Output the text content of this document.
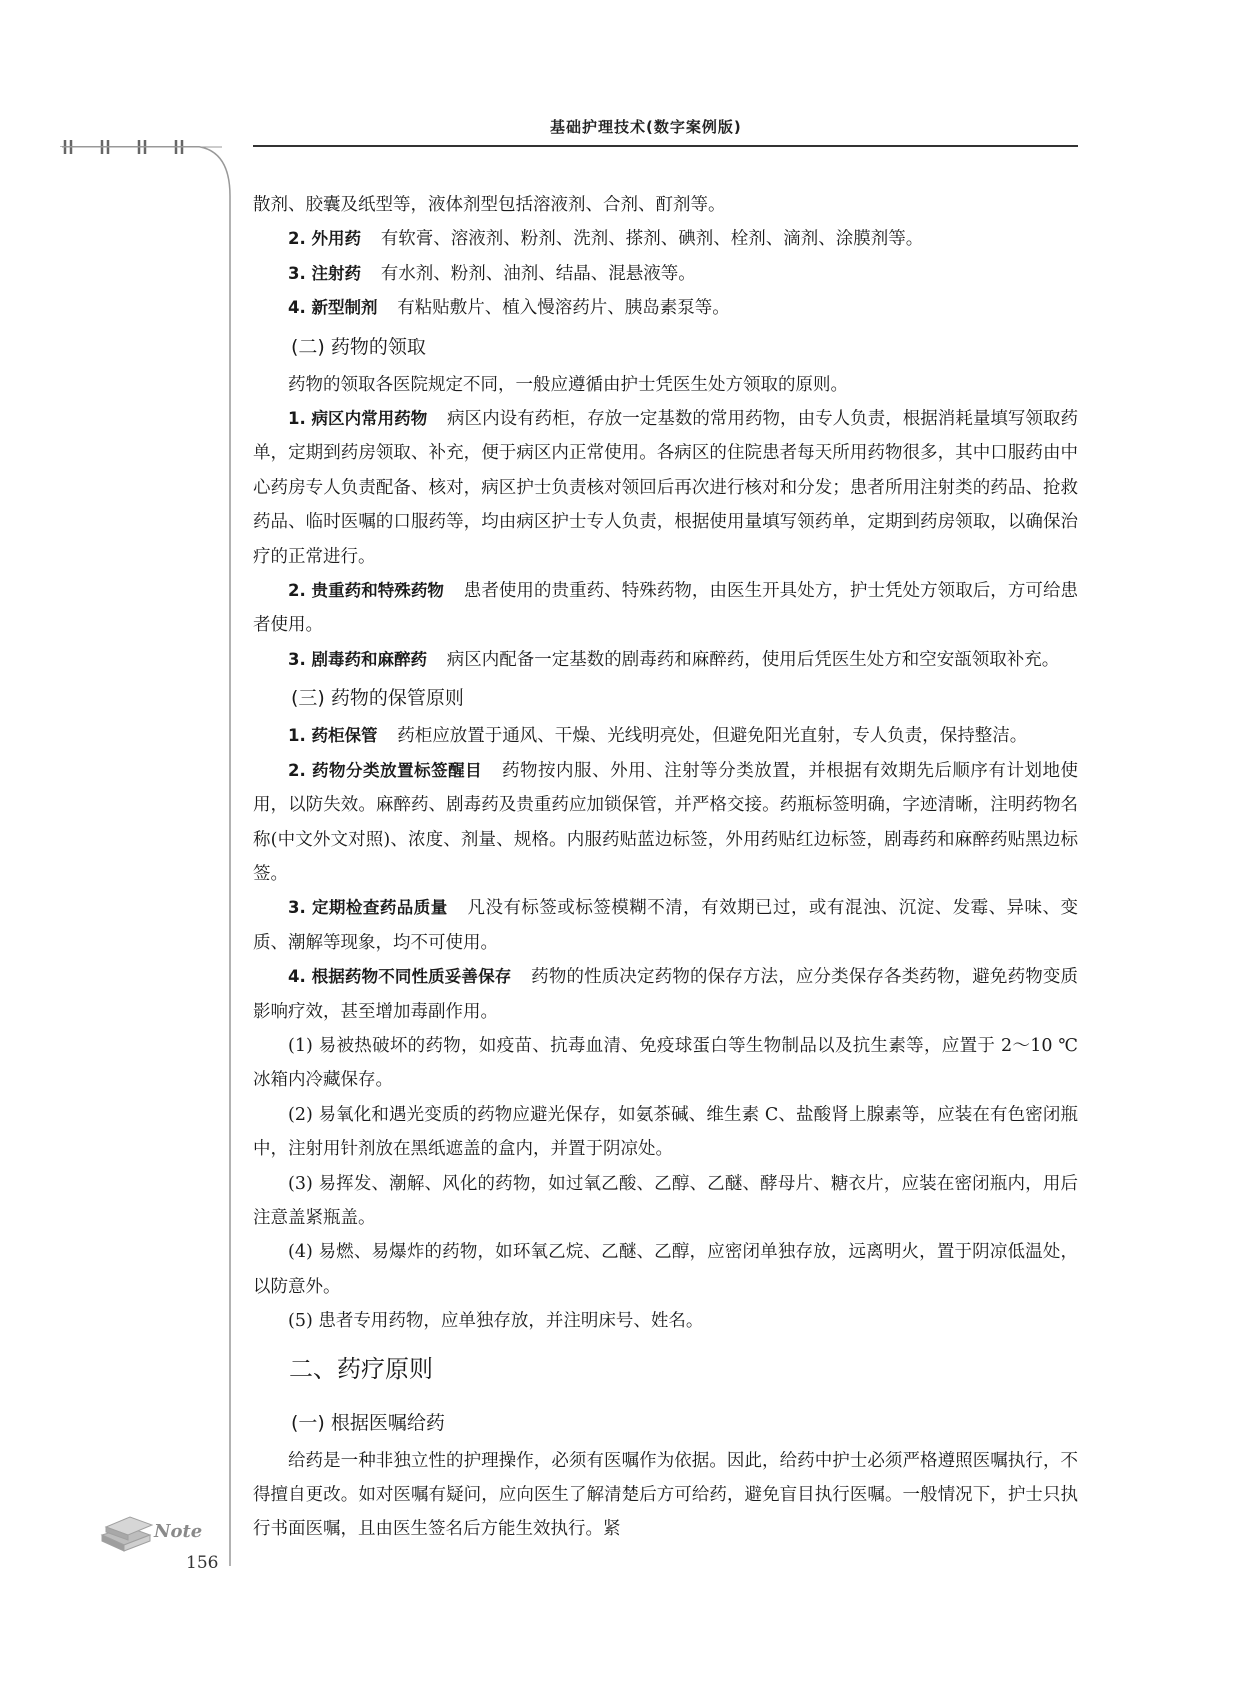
基础护理技术(数字案例版)

散剂、胶囊及纸型等，液体剂型包括溶液剂、合剂、酊剂等。

2. 外用药 有软膏、溶液剂、粉剂、洗剂、搽剂、碘剂、栓剂、滴剂、涂膜剂等。

3. 注射药 有水剂、粉剂、油剂、结晶、混悬液等。

4. 新型制剂 有粘贴敷片、植入慢溶药片、胰岛素泵等。

(二) 药物的领取

药物的领取各医院规定不同，一般应遵循由护士凭医生处方领取的原则。

1. 病区内常用药物 病区内设有药柜，存放一定基数的常用药物，由专人负责，根据消耗量填写领取药单，定期到药房领取、补充，便于病区内正常使用。各病区的住院患者每天所用药物很多，其中口服药由中心药房专人负责配备、核对，病区护士负责核对领回后再次进行核对和分发；患者所用注射类的药品、抢救药品、临时医嘱的口服药等，均由病区护士专人负责，根据使用量填写领药单，定期到药房领取，以确保治疗的正常进行。

2. 贵重药和特殊药物 患者使用的贵重药、特殊药物，由医生开具处方，护士凭处方领取后，方可给患者使用。

3. 剧毒药和麻醉药 病区内配备一定基数的剧毒药和麻醉药，使用后凭医生处方和空安瓿领取补充。

(三) 药物的保管原则

1. 药柜保管 药柜应放置于通风、干燥、光线明亮处，但避免阳光直射，专人负责，保持整洁。

2. 药物分类放置标签醒目 药物按内服、外用、注射等分类放置，并根据有效期先后顺序有计划地使用，以防失效。麻醉药、剧毒药及贵重药应加锁保管，并严格交接。药瓶标签明确，字迹清晰，注明药物名称(中文外文对照)、浓度、剂量、规格。内服药贴蓝边标签，外用药贴红边标签，剧毒药和麻醉药贴黑边标签。

3. 定期检查药品质量 凡没有标签或标签模糊不清，有效期已过，或有混浊、沉淀、发霉、异味、变质、潮解等现象，均不可使用。

4. 根据药物不同性质妥善保存 药物的性质决定药物的保存方法，应分类保存各类药物，避免药物变质影响疗效，甚至增加毒副作用。

(1) 易被热破坏的药物，如疫苗、抗毒血清、免疫球蛋白等生物制品以及抗生素等，应置于 2～10 ℃冰箱内冷藏保存。

(2) 易氧化和遇光变质的药物应避光保存，如氨茶碱、维生素 C、盐酸肾上腺素等，应装在有色密闭瓶中，注射用针剂放在黑纸遮盖的盒内，并置于阴凉处。

(3) 易挥发、潮解、风化的药物，如过氧乙酸、乙醇、乙醚、酵母片、糖衣片，应装在密闭瓶内，用后注意盖紧瓶盖。

(4) 易燃、易爆炸的药物，如环氧乙烷、乙醚、乙醇，应密闭单独存放，远离明火，置于阴凉低温处，以防意外。

(5) 患者专用药物，应单独存放，并注明床号、姓名。

二、药疗原则
(一) 根据医嘱给药

给药是一种非独立性的护理操作，必须有医嘱作为依据。因此，给药中护士必须严格遵照医嘱执行，不得擅自更改。如对医嘱有疑问，应向医生了解清楚后方可给药，避免盲目执行医嘱。一般情况下，护士只执行书面医嘱，且由医生签名后方能生效执行。紧

Note
156
